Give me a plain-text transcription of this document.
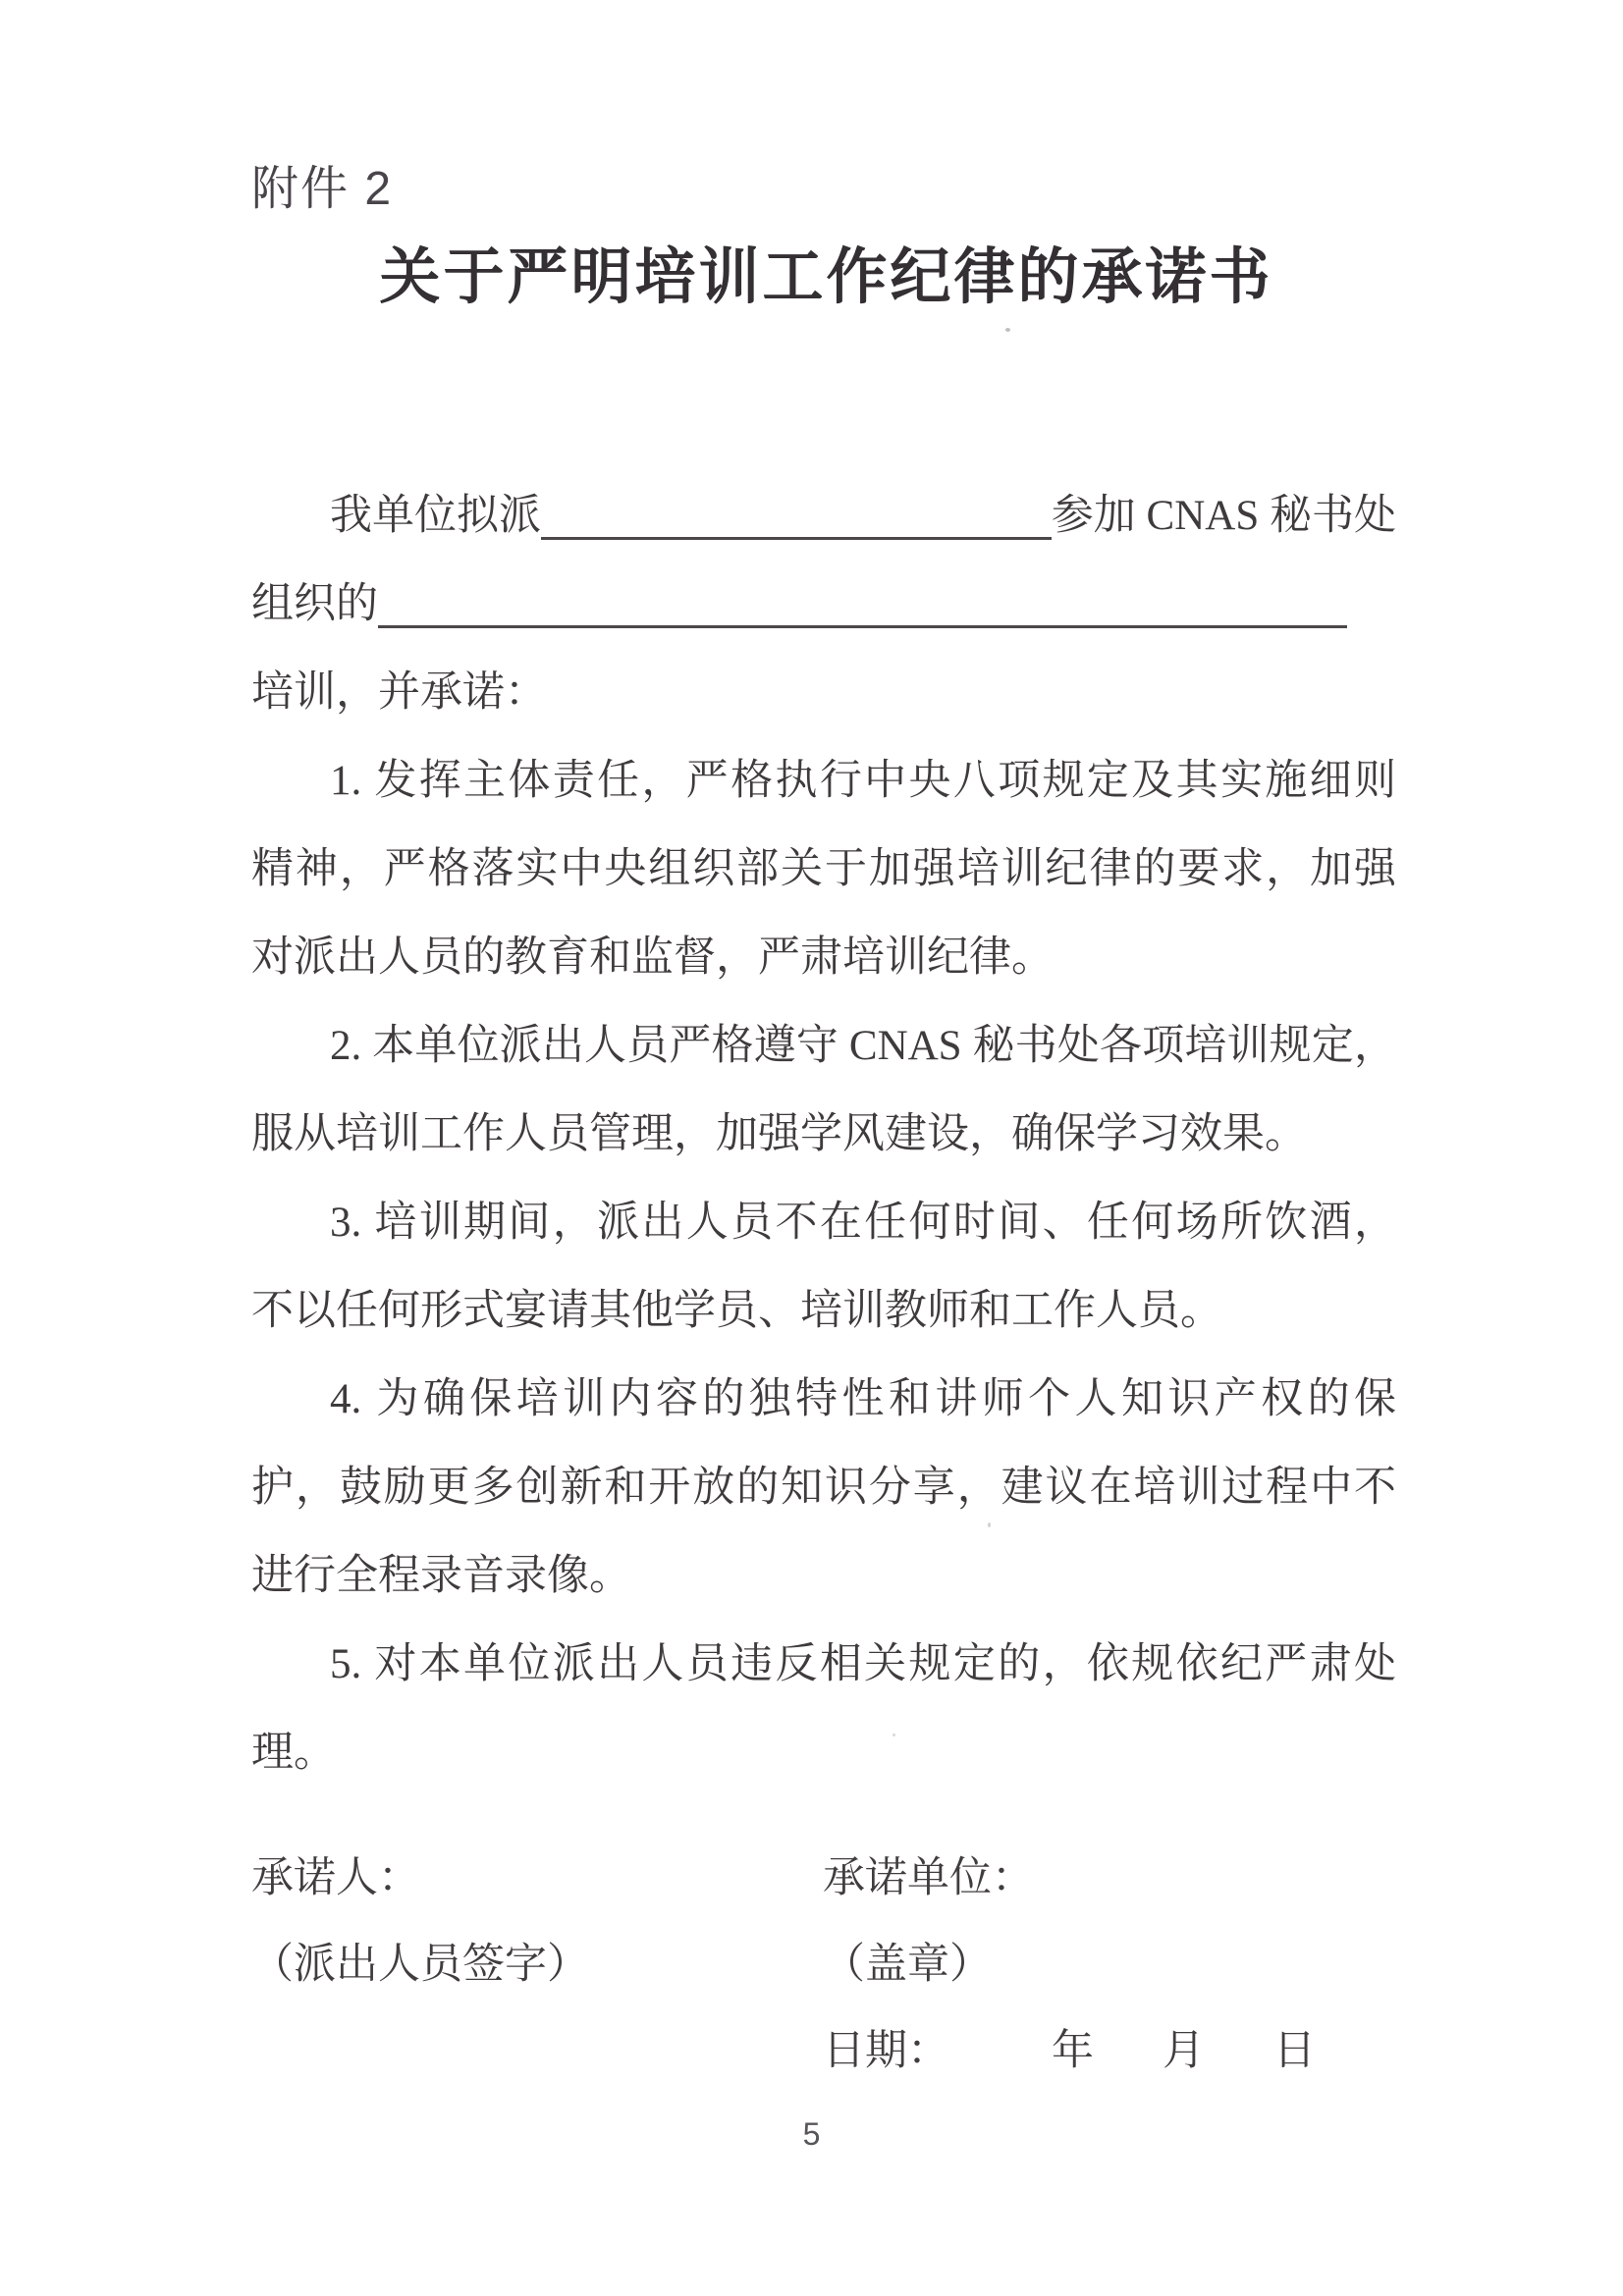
附件 2
关于严明培训工作纪律的承诺书
我单位拟派	参加 CNAS 秘书处
组织的
培训，并承诺：
1. 发挥主体责任，严格执行中央八项规定及其实施细则
精神，严格落实中央组织部关于加强培训纪律的要求，加强
对派出人员的教育和监督，严肃培训纪律。
2. 本单位派出人员严格遵守 CNAS 秘书处各项培训规定，
服从培训工作人员管理，加强学风建设，确保学习效果。
3. 培训期间，派出人员不在任何时间、任何场所饮酒，
不以任何形式宴请其他学员、培训教师和工作人员。
4. 为确保培训内容的独特性和讲师个人知识产权的保
护，鼓励更多创新和开放的知识分享，建议在培训过程中不
进行全程录音录像。
5. 对本单位派出人员违反相关规定的，依规依纪严肃处
理。
承诺人：	承诺单位：
（派出人员签字）	（盖章）
日期： 年 月 日
5
